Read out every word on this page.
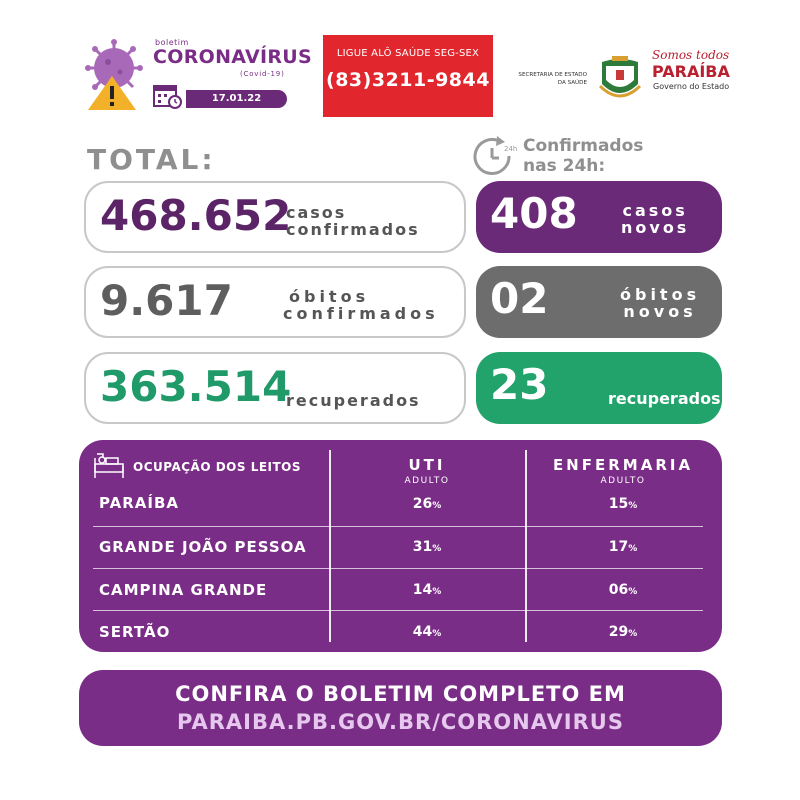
boletim
CORONAVÍRUS
(Covid-19)
17.01.22
LIGUE ALÔ SAÚDE SEG-SEX
(83)3211-9844	SECRETARIA DE ESTADO
DA SAÚDE
Somos todos
PARAÍBA
Governo do Estado
TOTAL:	24h Confirmados
nas 24h:
468.652
casos
confirmados
9.617	óbitos
confirmados
363.514
recuperados
408	casos
novos
02	óbitos
novos
23	recuperados
OCUPAÇÃO DOS LEITOS	UTI
ADULTO
ENFERMARIA
ADULTO
PARAÍBA	26%	15%
GRANDE JOÃO PESSOA	31%	17%
CAMPINA GRANDE	14%	06%
SERTÃO	44%	29%
CONFIRA O BOLETIM COMPLETO EM
PARAIBA.PB.GOV.BR/CORONAVIRUS
